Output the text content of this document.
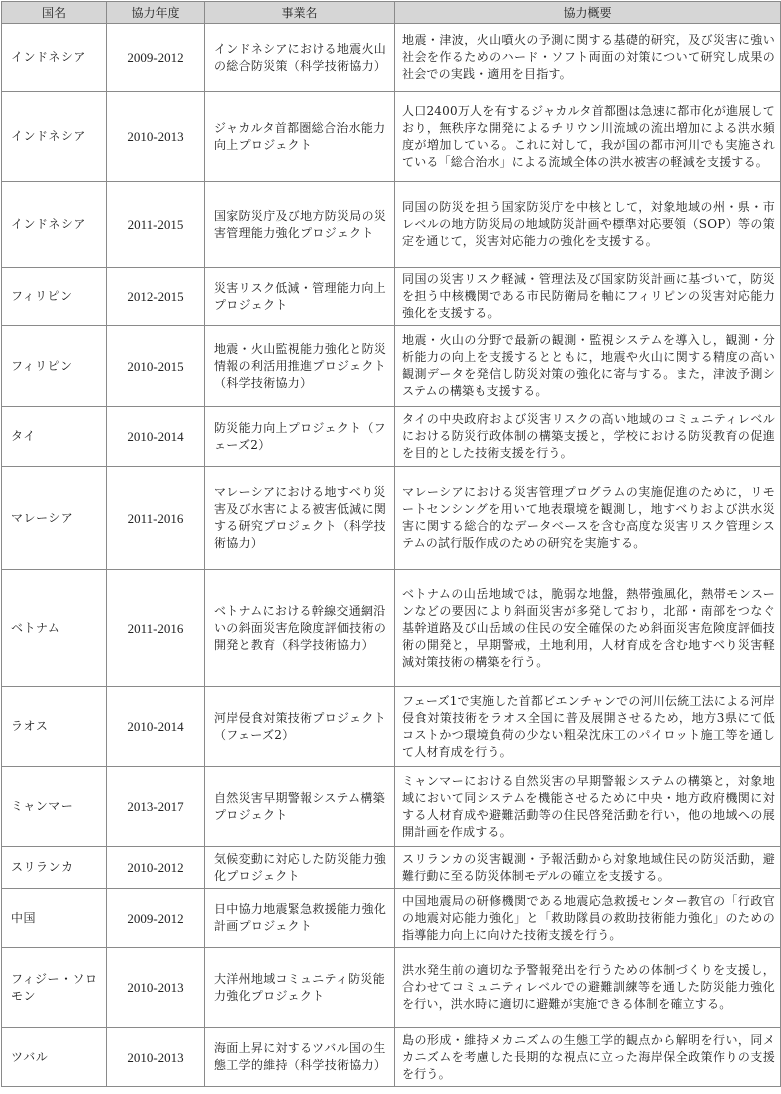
国名	協力年度	事業名	協力概要
インドネシア	2009-2012	インドネシアにおける地震火山の総合防災策（科学技術協力）	地震・津波，火山噴火の予測に関する基礎的研究，及び災害に強い社会を作るためのハード・ソフト両面の対策について研究し成果の社会での実践・適用を目指す。
インドネシア	2010-2013	ジャカルタ首都圏総合治水能力向上プロジェクト	人口2400万人を有するジャカルタ首都圏は急速に都市化が進展しており，無秩序な開発によるチリウン川流域の流出増加による洪水頻度が増加している。これに対して，我が国の都市河川でも実施されている「総合治水」による流域全体の洪水被害の軽減を支援する。
インドネシア	2011-2015	国家防災庁及び地方防災局の災害管理能力強化プロジェクト	同国の防災を担う国家防災庁を中核として，対象地域の州・県・市レベルの地方防災局の地域防災計画や標準対応要領（SOP）等の策定を通じて，災害対応能力の強化を支援する。
フィリピン	2012-2015	災害リスク低減・管理能力向上プロジェクト	同国の災害リスク軽減・管理法及び国家防災計画に基づいて，防災を担う中核機関である市民防衛局を軸にフィリピンの災害対応能力強化を支援する。
フィリピン	2010-2015	地震・火山監視能力強化と防災情報の利活用推進プロジェクト（科学技術協力）	地震・火山の分野で最新の観測・監視システムを導入し，観測・分析能力の向上を支援するとともに，地震や火山に関する精度の高い観測データを発信し防災対策の強化に寄与する。また，津波予測システムの構築も支援する。
タイ	2010-2014	防災能力向上プロジェクト（フェーズ2）	タイの中央政府および災害リスクの高い地域のコミュニティレベルにおける防災行政体制の構築支援と，学校における防災教育の促進を目的とした技術支援を行う。
マレーシア	2011-2016	マレーシアにおける地すべり災害及び水害による被害低減に関する研究プロジェクト（科学技術協力）	マレーシアにおける災害管理プログラムの実施促進のために，リモートセンシングを用いて地表環境を観測し，地すべりおよび洪水災害に関する総合的なデータベースを含む高度な災害リスク管理システムの試行版作成のための研究を実施する。
ベトナム	2011-2016	ベトナムにおける幹線交通網沿いの斜面災害危険度評価技術の開発と教育（科学技術協力）	ベトナムの山岳地域では，脆弱な地盤，熱帯強風化，熱帯モンスーンなどの要因により斜面災害が多発しており，北部・南部をつなぐ基幹道路及び山岳域の住民の安全確保のため斜面災害危険度評価技術の開発と，早期警戒，土地利用，人材育成を含む地すべり災害軽減対策技術の構築を行う。
ラオス	2010-2014	河岸侵食対策技術プロジェクト（フェーズ2）	フェーズ1で実施した首都ビエンチャンでの河川伝統工法による河岸侵食対策技術をラオス全国に普及展開させるため，地方3県にて低コストかつ環境負荷の少ない粗朶沈床工のパイロット施工等を通して人材育成を行う。
ミャンマー	2013-2017	自然災害早期警報システム構築プロジェクト	ミャンマーにおける自然災害の早期警報システムの構築と，対象地域において同システムを機能させるために中央・地方政府機関に対する人材育成や避難活動等の住民啓発活動を行い，他の地域への展開計画を作成する。
スリランカ	2010-2012	気候変動に対応した防災能力強化プロジェクト	スリランカの災害観測・予報活動から対象地域住民の防災活動，避難行動に至る防災体制モデルの確立を支援する。
中国	2009-2012	日中協力地震緊急救援能力強化計画プロジェクト	中国地震局の研修機関である地震応急救援センター教官の「行政官の地震対応能力強化」と「救助隊員の救助技術能力強化」のための指導能力向上に向けた技術支援を行う。
フィジー・ソロモン	2010-2013	大洋州地域コミュニティ防災能力強化プロジェクト	洪水発生前の適切な予警報発出を行うための体制づくりを支援し，合わせてコミュニティレベルでの避難訓練等を通した防災能力強化を行い，洪水時に適切に避難が実施できる体制を確立する。
ツバル	2010-2013	海面上昇に対するツバル国の生態工学的維持（科学技術協力）	島の形成・維持メカニズムの生態工学的観点から解明を行い，同メカニズムを考慮した長期的な視点に立った海岸保全政策作りの支援を行う。
